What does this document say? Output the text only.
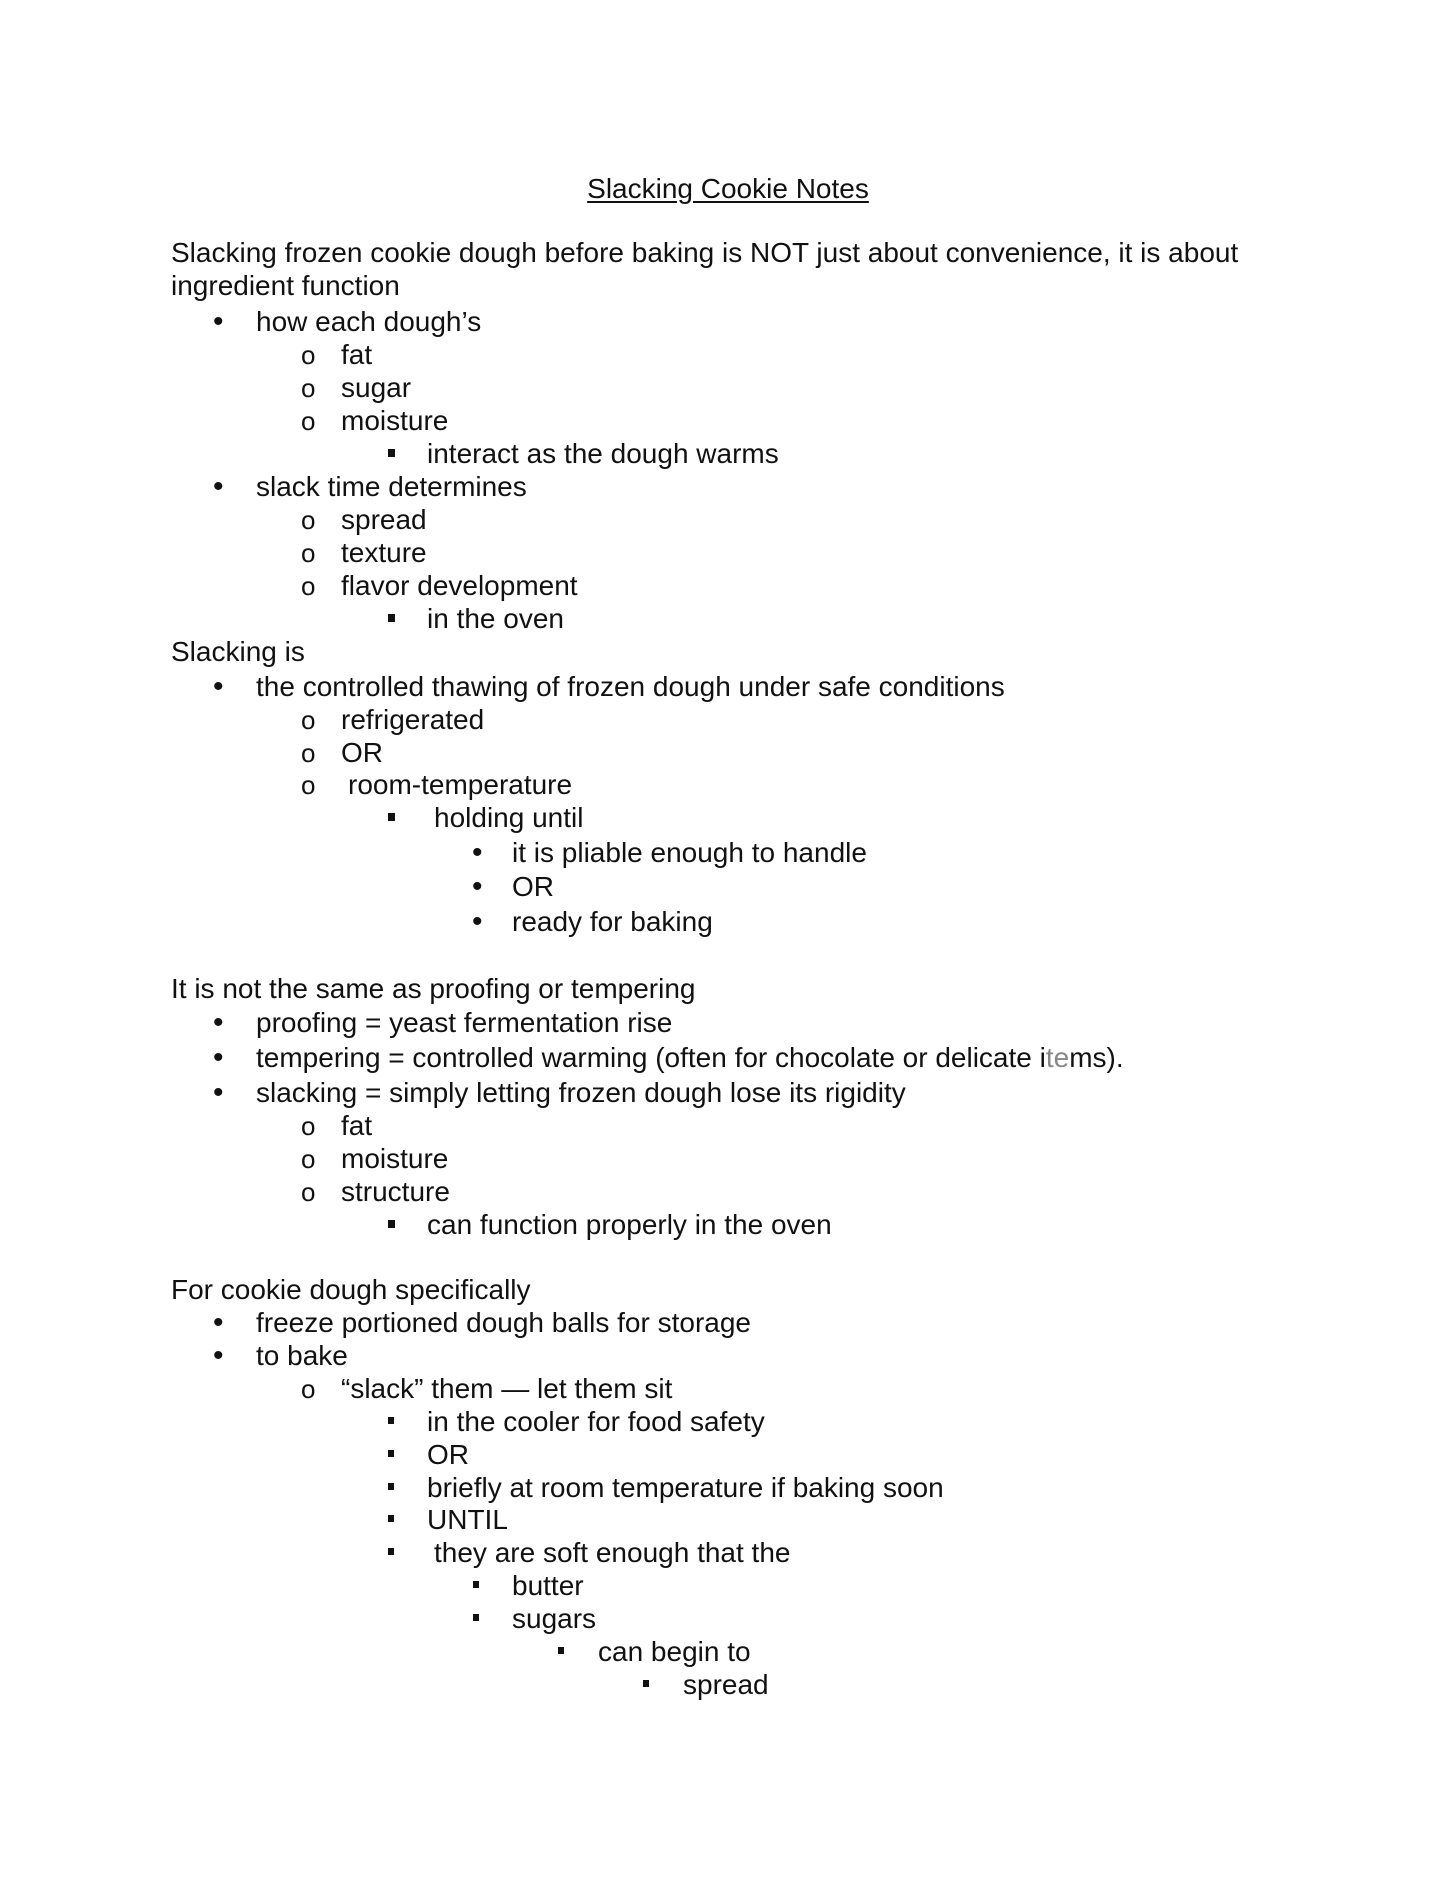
Slacking Cookie Notes
Slacking frozen cookie dough before baking is NOT just about convenience, it is about ingredient function
•
how each dough’s
o
fat
o
sugar
o
moisture
interact as the dough warms
•
slack time determines
o
spread
o
texture
o
flavor development
in the oven
Slacking is
•
the controlled thawing of frozen dough under safe conditions
o
refrigerated
o
OR
o
room-temperature
holding until
•
it is pliable enough to handle
•
OR
•
ready for baking
It is not the same as proofing or tempering
•
proofing = yeast fermentation rise
•
tempering = controlled warming (often for chocolate or delicate items).
•
slacking = simply letting frozen dough lose its rigidity
o
fat
o
moisture
o
structure
can function properly in the oven
For cookie dough specifically
•
freeze portioned dough balls for storage
•
to bake
o
“slack” them — let them sit
in the cooler for food safety
OR
briefly at room temperature if baking soon
UNTIL
they are soft enough that the
butter
sugars
can begin to
spread
